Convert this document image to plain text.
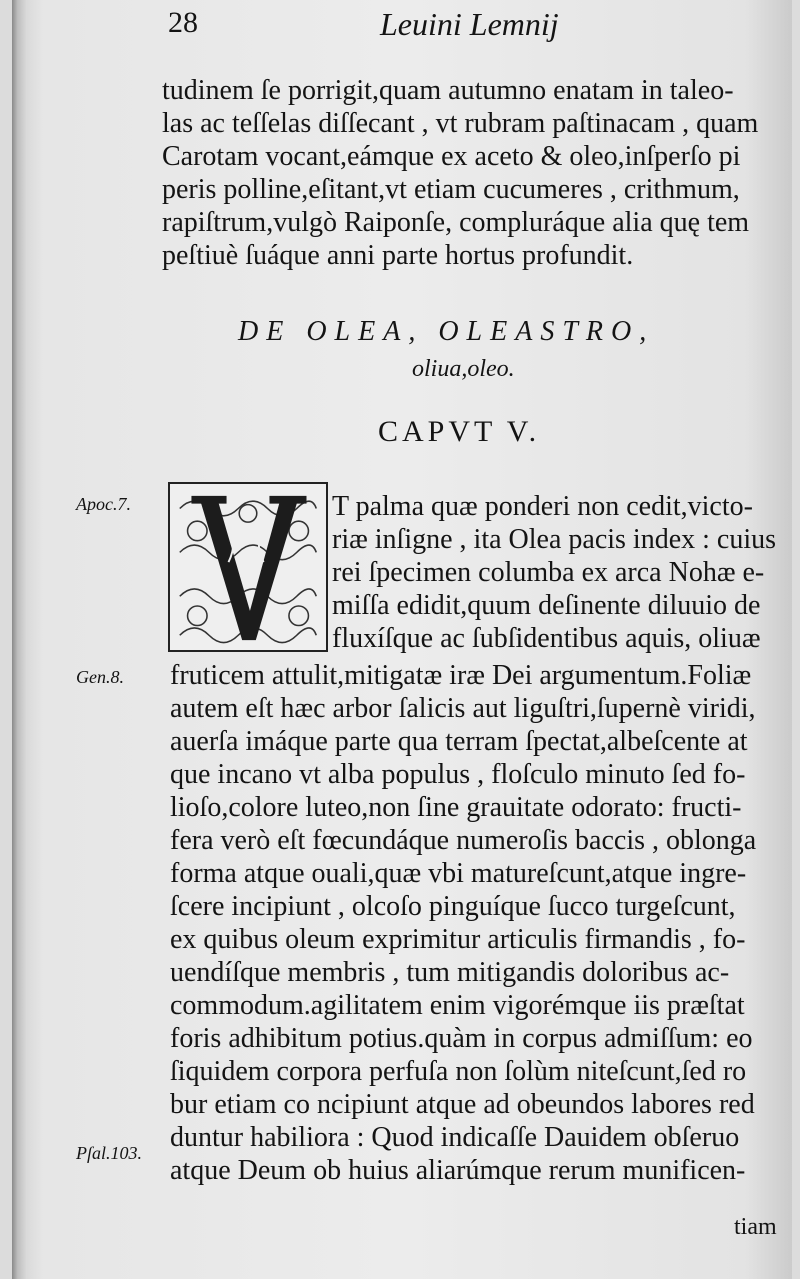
28	Leuini Lemnij
tudinem ſe porrigit,quam autumno enatam in taleo-
las ac teſſelas diſſecant , vt rubram paſtinacam , quam
Carotam vocant,eámque ex aceto & oleo,inſperſo pi
peris polline,eſitant,vt etiam cucumeres , crithmum,
rapiſtrum,vulgò Raiponſe, compluráque alia quę tem
peſtiuè ſuáque anni parte hortus profundit.
DE OLEA, OLEASTRO,
oliua,oleo.
CAPVT V.
Apoc.7.
Gen.8.
Pſal.103.
T palma quæ ponderi non cedit,victo-
riæ inſigne , ita Olea pacis index : cuius
rei ſpecimen columba ex arca Nohæ e-
miſſa edidit,quum deſinente diluuio de
fluxíſque ac ſubſidentibus aquis, oliuæ
fruticem attulit,mitigatæ iræ Dei argumentum.Foliæ
autem eſt hæc arbor ſalicis aut liguſtri,ſupernè viridi,
auerſa imáque parte qua terram ſpectat,albeſcente at
que incano vt alba populus , floſculo minuto ſed fo-
lioſo,colore luteo,non ſine grauitate odorato: fructi-
fera verò eſt fœcundáque numeroſis baccis , oblonga
forma atque ouali,quæ vbi matureſcunt,atque ingre-
ſcere incipiunt , olcoſo pinguíque ſucco turgeſcunt,
ex quibus oleum exprimitur articulis firmandis , fo-
uendíſque membris , tum mitigandis doloribus ac-
commodum.agilitatem enim vigorémque iis præſtat
foris adhibitum potius.quàm in corpus admiſſum: eo
ſiquidem corpora perfuſa non ſolùm niteſcunt,ſed ro
bur etiam co ncipiunt atque ad obeundos labores red
duntur habiliora : Quod indicaſſe Dauidem obſeruo
atque Deum ob huius aliarúmque rerum munificen-
tiam
